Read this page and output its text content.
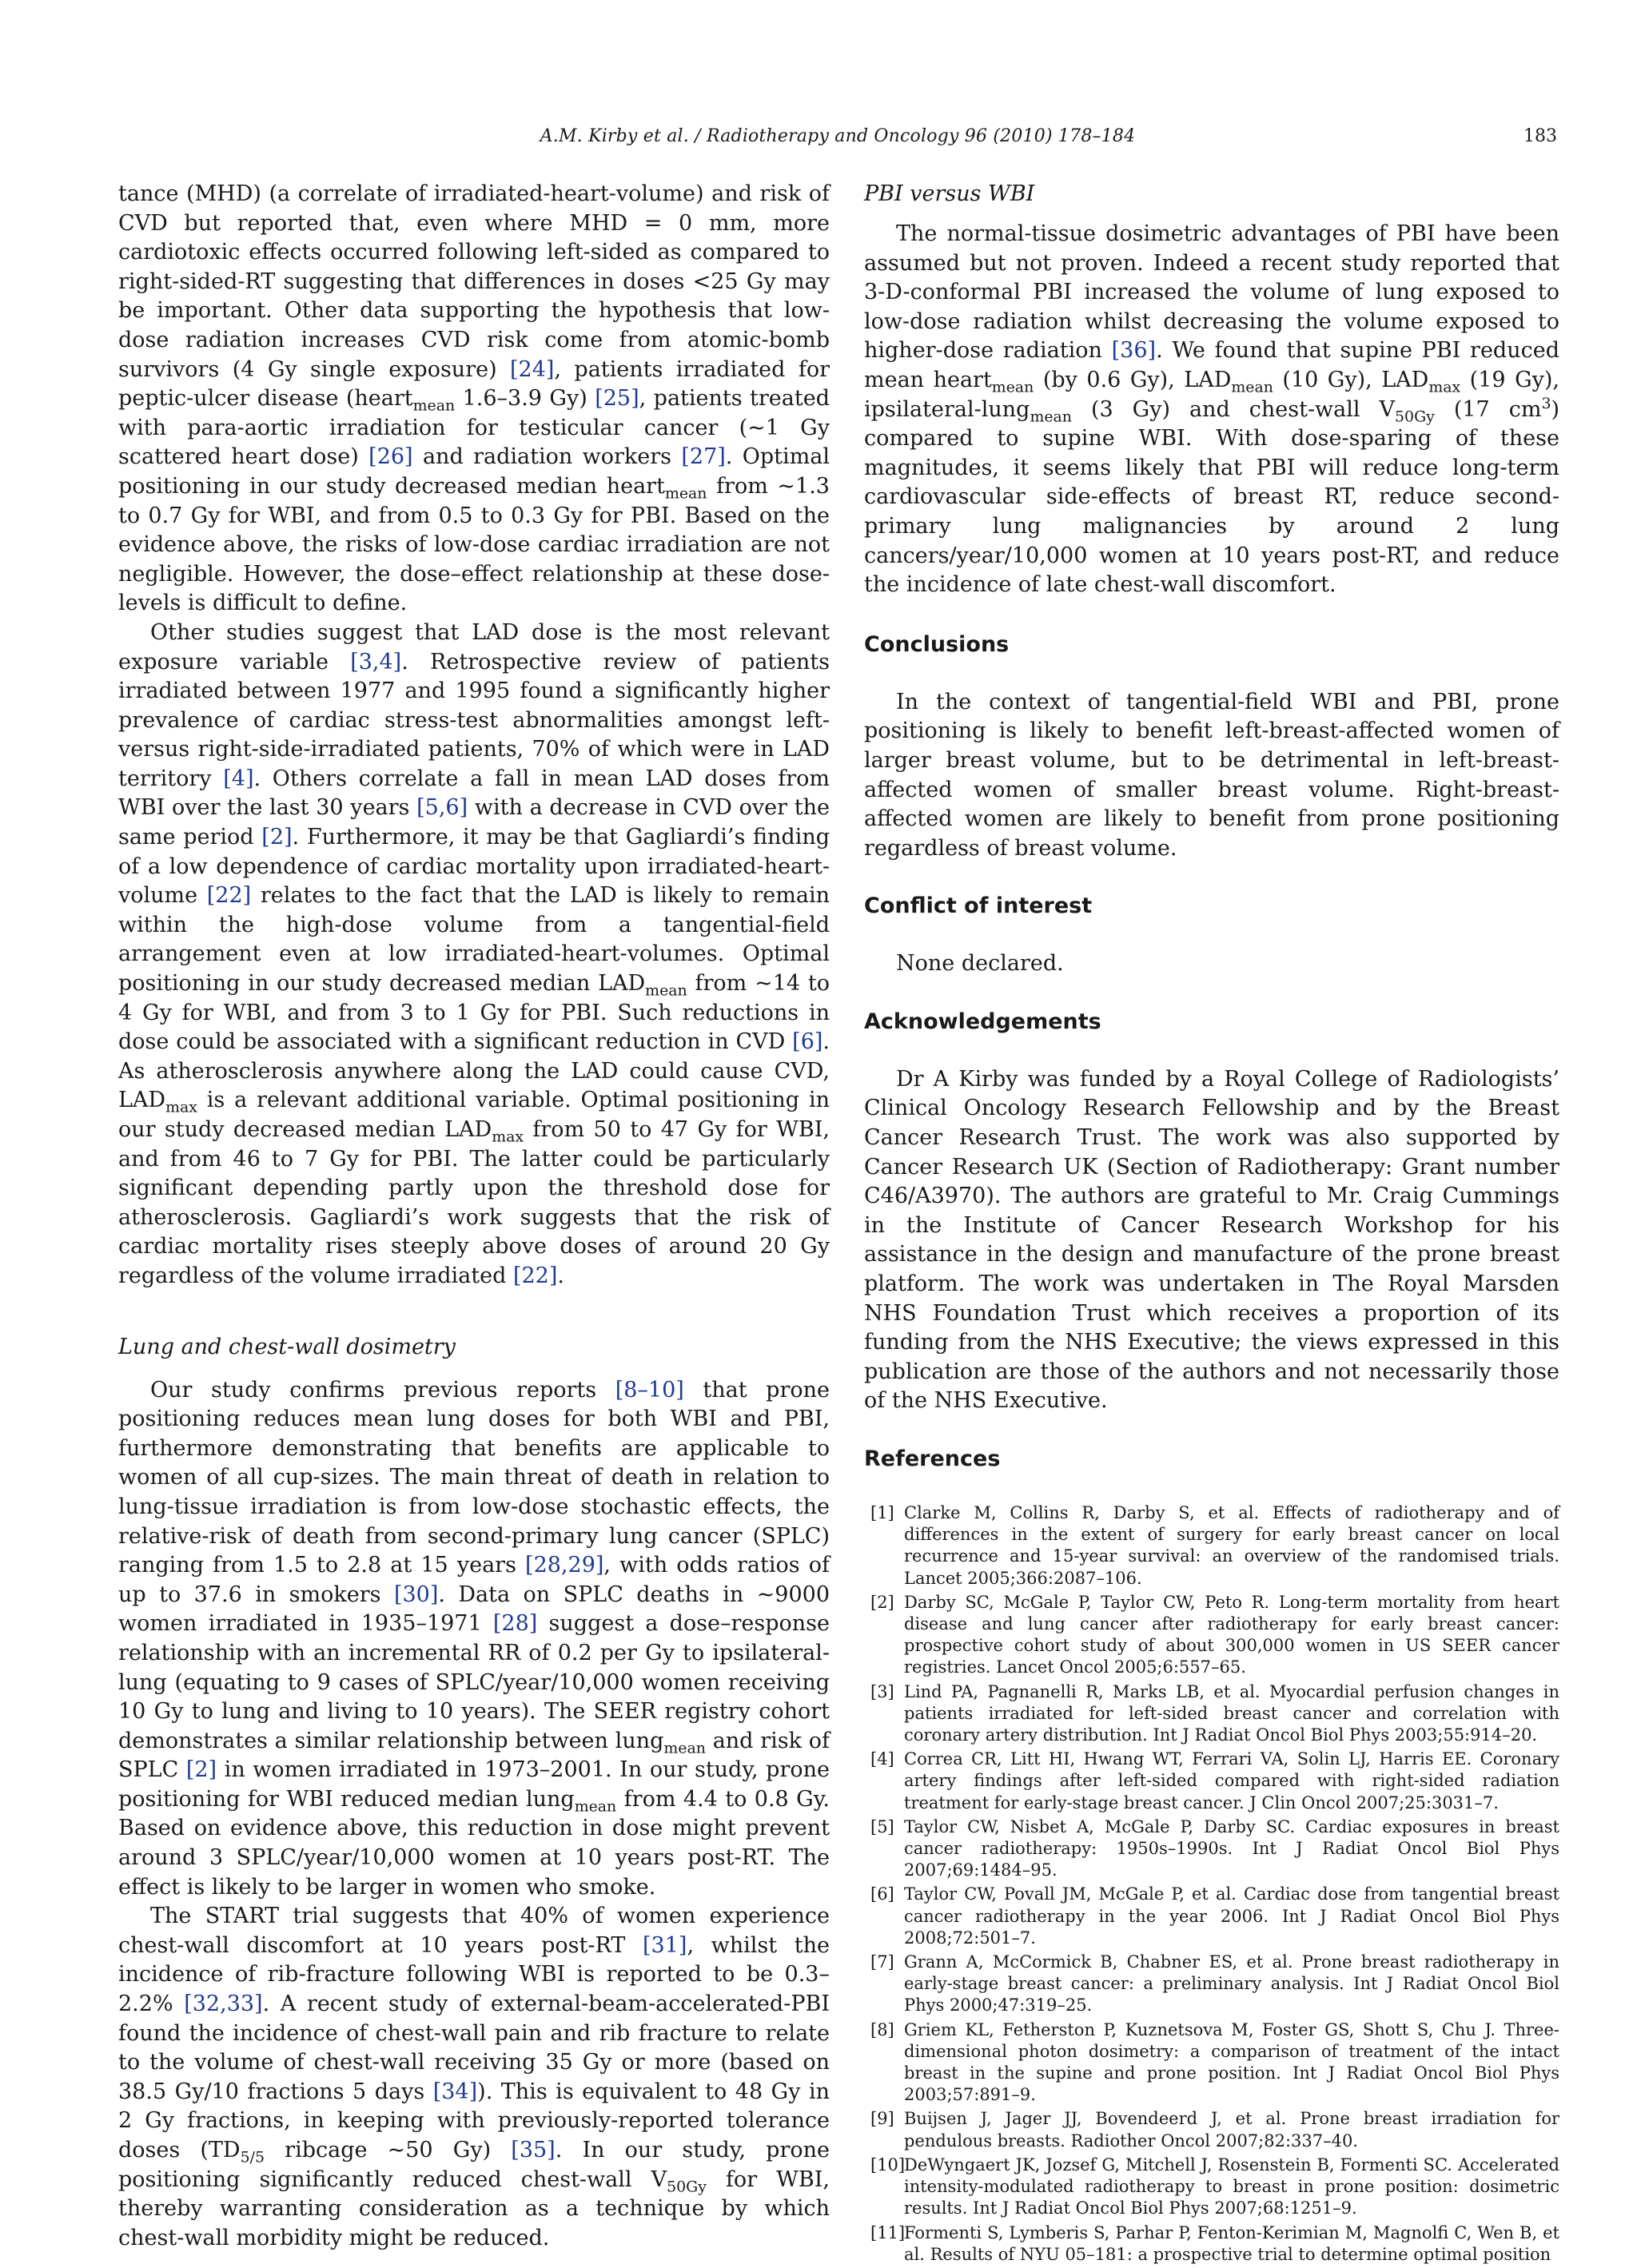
A.M. Kirby et al. / Radiotherapy and Oncology 96 (2010) 178–184	183

tance (MHD) (a correlate of irradiated-heart-volume) and risk of CVD but reported that, even where MHD = 0 mm, more cardiotoxic effects occurred following left-sided as compared to right-sided-RT suggesting that differences in doses <25 Gy may be important. Other data supporting the hypothesis that low-dose radiation increases CVD risk come from atomic-bomb survivors (4 Gy single exposure) [24], patients irradiated for peptic-ulcer disease (heart$_{mean}$ 1.6–3.9 Gy) [25], patients treated with para-aortic irradiation for testicular cancer (~1 Gy scattered heart dose) [26] and radiation workers [27]. Optimal positioning in our study decreased median heart$_{mean}$ from ~1.3 to 0.7 Gy for WBI, and from 0.5 to 0.3 Gy for PBI. Based on the evidence above, the risks of low-dose cardiac irradiation are not negligible. However, the dose–effect relationship at these dose-levels is difficult to define.

Other studies suggest that LAD dose is the most relevant exposure variable [3,4]. Retrospective review of patients irradiated between 1977 and 1995 found a significantly higher prevalence of cardiac stress-test abnormalities amongst left- versus right-side-irradiated patients, 70% of which were in LAD territory [4]. Others correlate a fall in mean LAD doses from WBI over the last 30 years [5,6] with a decrease in CVD over the same period [2]. Furthermore, it may be that Gagliardi’s finding of a low dependence of cardiac mortality upon irradiated-heart-volume [22] relates to the fact that the LAD is likely to remain within the high-dose volume from a tangential-field arrangement even at low irradiated-heart-volumes. Optimal positioning in our study decreased median $LAD_{mean}$ from ~14 to 4 Gy for WBI, and from 3 to 1 Gy for PBI. Such reductions in dose could be associated with a significant reduction in CVD [6]. As atherosclerosis anywhere along the LAD could cause CVD, $LAD_{max}$ is a relevant additional variable. Optimal positioning in our study decreased median $LAD_{max}$ from 50 to 47 Gy for WBI, and from 46 to 7 Gy for PBI. The latter could be particularly significant depending partly upon the threshold dose for atherosclerosis. Gagliardi’s work suggests that the risk of cardiac mortality rises steeply above doses of around 20 Gy regardless of the volume irradiated [22].

Lung and chest-wall dosimetry

Our study confirms previous reports [8–10] that prone positioning reduces mean lung doses for both WBI and PBI, furthermore demonstrating that benefits are applicable to women of all cup-sizes. The main threat of death in relation to lung-tissue irradiation is from low-dose stochastic effects, the relative-risk of death from second-primary lung cancer (SPLC) ranging from 1.5 to 2.8 at 15 years [28,29], with odds ratios of up to 37.6 in smokers [30]. Data on SPLC deaths in ~9000 women irradiated in 1935–1971 [28] suggest a dose–response relationship with an incremental RR of 0.2 per Gy to ipsilateral-lung (equating to 9 cases of SPLC/year/10,000 women receiving 10 Gy to lung and living to 10 years). The SEER registry cohort demonstrates a similar relationship between lung$_{mean}$ and risk of SPLC [2] in women irradiated in 1973–2001. In our study, prone positioning for WBI reduced median lung$_{mean}$ from 4.4 to 0.8 Gy. Based on evidence above, this reduction in dose might prevent around 3 SPLC/year/10,000 women at 10 years post-RT. The effect is likely to be larger in women who smoke.

The START trial suggests that 40% of women experience chest-wall discomfort at 10 years post-RT [31], whilst the incidence of rib-fracture following WBI is reported to be 0.3–2.2% [32,33]. A recent study of external-beam-accelerated-PBI found the incidence of chest-wall pain and rib fracture to relate to the volume of chest-wall receiving 35 Gy or more (based on 38.5 Gy/10 fractions 5 days [34]). This is equivalent to 48 Gy in 2 Gy fractions, in keeping with previously-reported tolerance doses ($TD_{5/5}$ ribcage ~50 Gy) [35]. In our study, prone positioning significantly reduced chest-wall $V_{50Gy}$ for WBI, thereby warranting consideration as a technique by which chest-wall morbidity might be reduced.

PBI versus WBI

The normal-tissue dosimetric advantages of PBI have been assumed but not proven. Indeed a recent study reported that 3-D-conformal PBI increased the volume of lung exposed to low-dose radiation whilst decreasing the volume exposed to higher-dose radiation [36]. We found that supine PBI reduced mean heart$_{mean}$ (by 0.6 Gy), $LAD_{mean}$ (10 Gy), $LAD_{max}$ (19 Gy), ipsilateral-lung$_{mean}$ (3 Gy) and chest-wall $V_{50Gy}$ (17 $cm^3$) compared to supine WBI. With dose-sparing of these magnitudes, it seems likely that PBI will reduce long-term cardiovascular side-effects of breast RT, reduce second-primary lung malignancies by around 2 lung cancers/year/10,000 women at 10 years post-RT, and reduce the incidence of late chest-wall discomfort.

Conclusions

In the context of tangential-field WBI and PBI, prone positioning is likely to benefit left-breast-affected women of larger breast volume, but to be detrimental in left-breast-affected women of smaller breast volume. Right-breast-affected women are likely to benefit from prone positioning regardless of breast volume.

Conflict of interest

None declared.

Acknowledgements

Dr A Kirby was funded by a Royal College of Radiologists’ Clinical Oncology Research Fellowship and by the Breast Cancer Research Trust. The work was also supported by Cancer Research UK (Section of Radiotherapy: Grant number C46/A3970). The authors are grateful to Mr. Craig Cummings in the Institute of Cancer Research Workshop for his assistance in the design and manufacture of the prone breast platform. The work was undertaken in The Royal Marsden NHS Foundation Trust which receives a proportion of its funding from the NHS Executive; the views expressed in this publication are those of the authors and not necessarily those of the NHS Executive.

References
[1] Clarke M, Collins R, Darby S, et al. Effects of radiotherapy and of differences in the extent of surgery for early breast cancer on local recurrence and 15-year survival: an overview of the randomised trials. Lancet 2005;366:2087–106.
[2] Darby SC, McGale P, Taylor CW, Peto R. Long-term mortality from heart disease and lung cancer after radiotherapy for early breast cancer: prospective cohort study of about 300,000 women in US SEER cancer registries. Lancet Oncol 2005;6:557–65.
[3] Lind PA, Pagnanelli R, Marks LB, et al. Myocardial perfusion changes in patients irradiated for left-sided breast cancer and correlation with coronary artery distribution. Int J Radiat Oncol Biol Phys 2003;55:914–20.
[4] Correa CR, Litt HI, Hwang WT, Ferrari VA, Solin LJ, Harris EE. Coronary artery findings after left-sided compared with right-sided radiation treatment for early-stage breast cancer. J Clin Oncol 2007;25:3031–7.
[5] Taylor CW, Nisbet A, McGale P, Darby SC. Cardiac exposures in breast cancer radiotherapy: 1950s–1990s. Int J Radiat Oncol Biol Phys 2007;69:1484–95.
[6] Taylor CW, Povall JM, McGale P, et al. Cardiac dose from tangential breast cancer radiotherapy in the year 2006. Int J Radiat Oncol Biol Phys 2008;72:501–7.
[7] Grann A, McCormick B, Chabner ES, et al. Prone breast radiotherapy in early-stage breast cancer: a preliminary analysis. Int J Radiat Oncol Biol Phys 2000;47:319–25.
[8] Griem KL, Fetherston P, Kuznetsova M, Foster GS, Shott S, Chu J. Three-dimensional photon dosimetry: a comparison of treatment of the intact breast in the supine and prone position. Int J Radiat Oncol Biol Phys 2003;57:891–9.
[9] Buijsen J, Jager JJ, Bovendeerd J, et al. Prone breast irradiation for pendulous breasts. Radiother Oncol 2007;82:337–40.
[10]
DeWyngaert JK, Jozsef G, Mitchell J, Rosenstein B, Formenti SC. Accelerated intensity-modulated radiotherapy to breast in prone position: dosimetric results. Int J Radiat Oncol Biol Phys 2007;68:1251–9.
[11]
Formenti S, Lymberis S, Parhar P, Fenton-Kerimian M, Magnolfi C, Wen B, et al. Results of NYU 05–181: a prospective trial to determine optimal position
